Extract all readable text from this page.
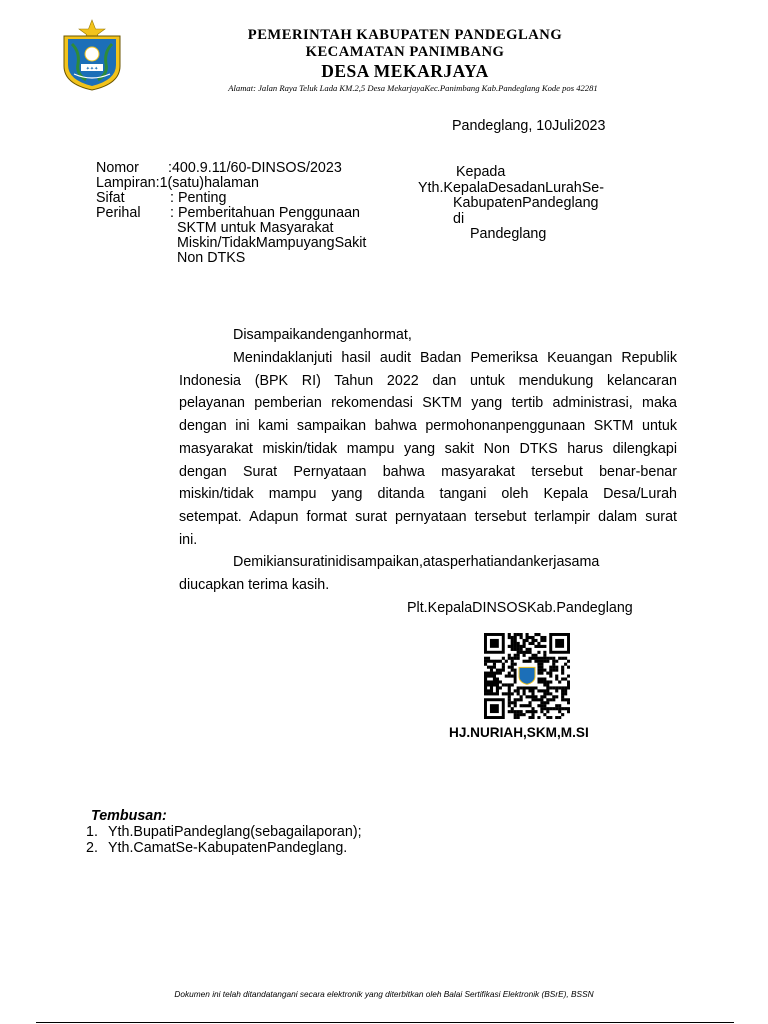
✦✦✦
PEMERINTAH KABUPATEN PANDEGLANG
KECAMATAN PANIMBANG
DESA MEKARJAYA
Alamat: Jalan Raya Teluk Lada KM.2,5 Desa MekarjayaKec.Panimbang Kab.Pandeglang Kode pos 42281
Pandeglang, 10Juli2023
Nomor :400.9.11/60-DINSOS/2023
Lampiran:1(satu)halaman
Sifat	: Penting
Perihal : Pemberitahuan Penggunaan
SKTM untuk Masyarakat
Miskin/TidakMampuyangSakit
Non DTKS
Kepada
Yth.KepalaDesadanLurahSe-
KabupatenPandeglang
di
Pandeglang
Disampaikandenganhormat,
Menindaklanjuti hasil audit Badan Pemeriksa Keuangan Republik
Indonesia (BPK RI) Tahun 2022 dan untuk mendukung kelancaran
pelayanan pemberian rekomendasi SKTM yang tertib administrasi, maka
dengan ini kami sampaikan bahwa permohonanpenggunaan SKTM untuk
masyarakat miskin/tidak mampu yang sakit Non DTKS harus dilengkapi
dengan Surat Pernyataan bahwa masyarakat tersebut benar-benar
miskin/tidak mampu yang ditanda tangani oleh Kepala Desa/Lurah
setempat. Adapun format surat pernyataan tersebut terlampir dalam surat
ini.
Demikiansuratinidisampaikan,atasperhatiandankerjasama
diucapkan terima kasih.
Plt.KepalaDINSOSKab.Pandeglang
HJ.NURIAH,SKM,M.SI
Tembusan:
1. Yth.BupatiPandeglang(sebagailaporan);
2. Yth.CamatSe-KabupatenPandeglang.
Dokumen ini telah ditandatangani secara elektronik yang diterbitkan oleh Balai Sertifikasi Elektronik (BSrE), BSSN
